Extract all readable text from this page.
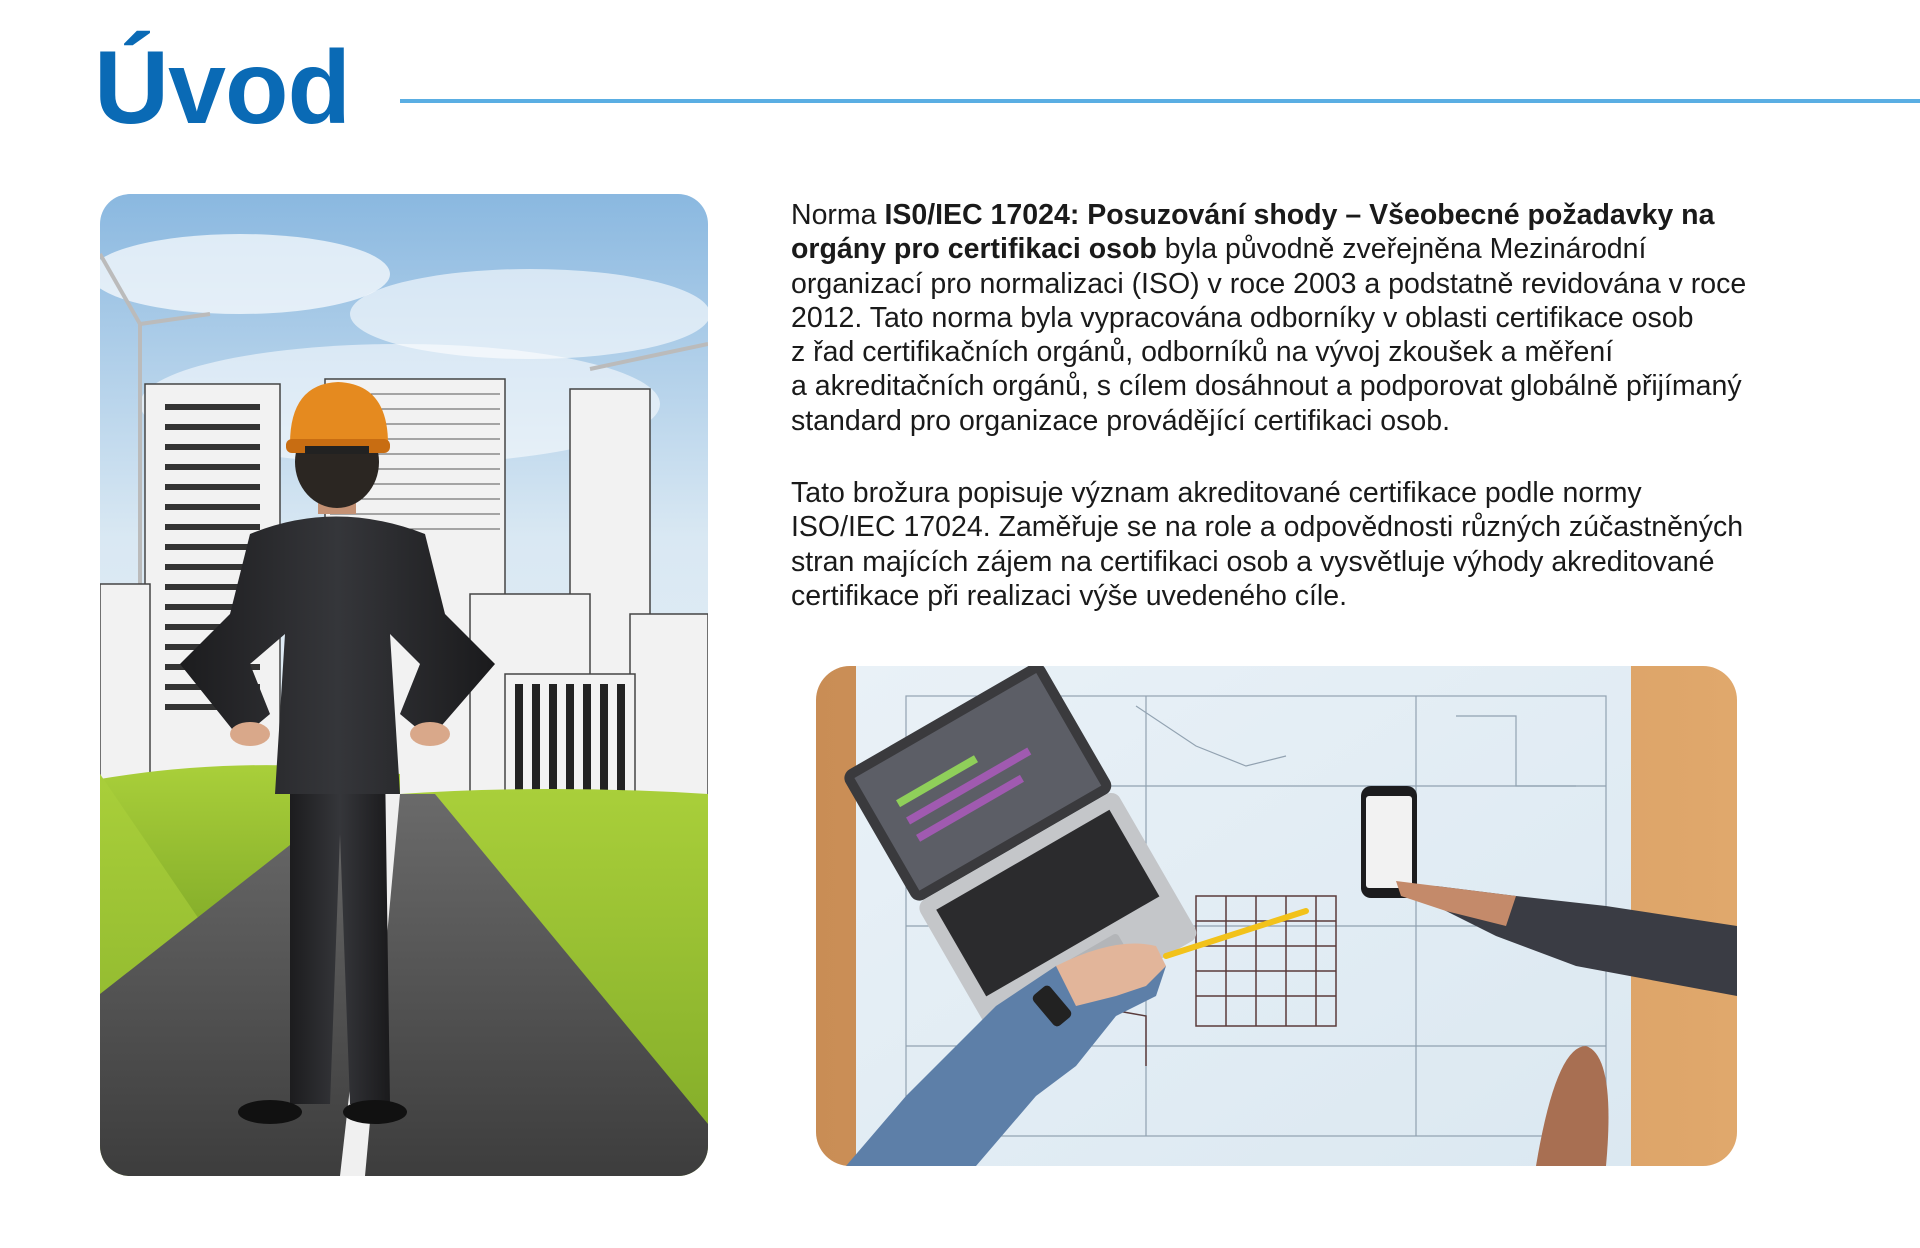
Úvod
Norma IS0/IEC 17024: Posuzování shody – Všeobecné požadavky na
orgány pro certifikaci osob byla původně zveřejněna Mezinárodní
organizací pro normalizaci (ISO) v roce 2003 a podstatně revidována v roce
2012. Tato norma byla vypracována odborníky v oblasti certifikace osob
z řad certifikačních orgánů, odborníků na vývoj zkoušek a měření
a akreditačních orgánů, s cílem dosáhnout a podporovat globálně přijímaný
standard pro organizace provádějící certifikaci osob.
Tato brožura popisuje význam akreditované certifikace podle normy
ISO/IEC 17024. Zaměřuje se na role a odpovědnosti různých zúčastněných
stran majících zájem na certifikaci osob a vysvětluje výhody akreditované
certifikace při realizaci výše uvedeného cíle.
